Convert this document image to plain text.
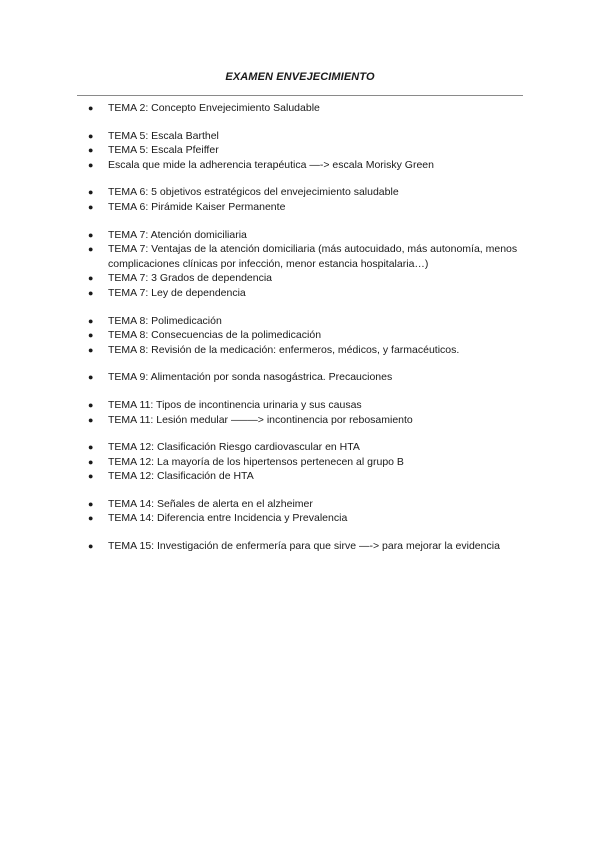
EXAMEN ENVEJECIMIENTO
● TEMA 2: Concepto Envejecimiento Saludable
● TEMA 5: Escala Barthel
● TEMA 5: Escala Pfeiffer
● Escala que mide la adherencia terapéutica —-> escala Morisky Green
● TEMA 6: 5 objetivos estratégicos del envejecimiento saludable
● TEMA 6: Pirámide Kaiser Permanente
● TEMA 7: Atención domiciliaria
● TEMA 7: Ventajas de la atención domiciliaria (más autocuidado, más autonomía, menos complicaciones clínicas por infección, menor estancia hospitalaria…)
● TEMA 7: 3 Grados de dependencia
● TEMA 7: Ley de dependencia
● TEMA 8: Polimedicación
● TEMA 8: Consecuencias de la polimedicación
● TEMA 8: Revisión de la medicación: enfermeros, médicos, y farmacéuticos.
● TEMA 9: Alimentación por sonda nasogástrica. Precauciones
● TEMA 11: Tipos de incontinencia urinaria y sus causas
● TEMA 11: Lesión medular —–—> incontinencia por rebosamiento
● TEMA 12: Clasificación Riesgo cardiovascular en HTA
● TEMA 12: La mayoría de los hipertensos pertenecen al grupo B
● TEMA 12: Clasificación de HTA
● TEMA 14: Señales de alerta en el alzheimer
● TEMA 14: Diferencia entre Incidencia y Prevalencia
● TEMA 15: Investigación de enfermería para que sirve —-> para mejorar la evidencia
